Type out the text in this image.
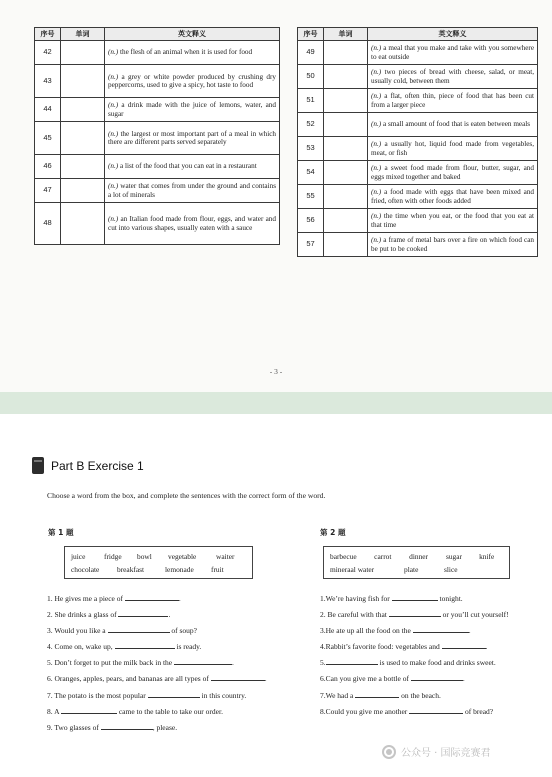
序号	单词	英文释义
42		(n.) the flesh of an animal when it is used for food
43		(n.) a grey or white powder produced by crushing dry peppercorns, used to give a spicy, hot taste to food
44		(n.) a drink made with the juice of lemons, water, and sugar
45		(n.) the largest or most important part of a meal in which there are different parts served separately
46		(n.) a list of the food that you can eat in a restaurant
47		(n.) water that comes from under the ground and contains a lot of minerals
48		(n.) an Italian food made from flour, eggs, and water and cut into various shapes, usually eaten with a sauce
序号	单词	英文释义
49		(n.) a meal that you make and take with you somewhere to eat outside
50		(n.) two pieces of bread with cheese, salad, or meat, usually cold, between them
51		(n.) a flat, often thin, piece of food that has been cut from a larger piece
52		(n.) a small amount of food that is eaten between meals
53		(n.) a usually hot, liquid food made from vegetables, meat, or fish
54		(n.) a sweet food made from flour, butter, sugar, and eggs mixed together and baked
55		(n.) a food made with eggs that have been mixed and fried, often with other foods added
56		(n.) the time when you eat, or the food that you eat at that time
57		(n.) a frame of metal bars over a fire on which food can be put to be cooked
- 3 -
Part B Exercise 1
Choose a word from the box, and complete the sentences with the correct form of the word.
第 1 题	第 2 题
juice	fridge	bowl	vegetable	waiter
chocolate	breakfast	lemonade	fruit
barbecue	carrot	dinner	sugar	knife
mineraal water	plate	slice
1. He gives me a piece of	.
2. She drinks a glass of	.
3. Would you like a	of soup?
4. Come on, wake up,	is ready.
5. Don’t forget to put the milk back in the	.
6. Oranges, apples, pears, and bananas are all types of	.
7. The potato is the most popular	in this country.
8. A	came to the table to take our order.
9. Two glasses of	, please.
1.We’re having fish for	tonight.
2. Be careful with that	or you’ll cut yourself!
3.He ate up all the food on the	.
4.Rabbit’s favorite food: vegetables and	.
5.	is used to make food and drinks sweet.
6.Can you give me a bottle of	.
7.We had a	on the beach.
8.Could you give me another	of bread?
公众号 · 国际竞赛君
